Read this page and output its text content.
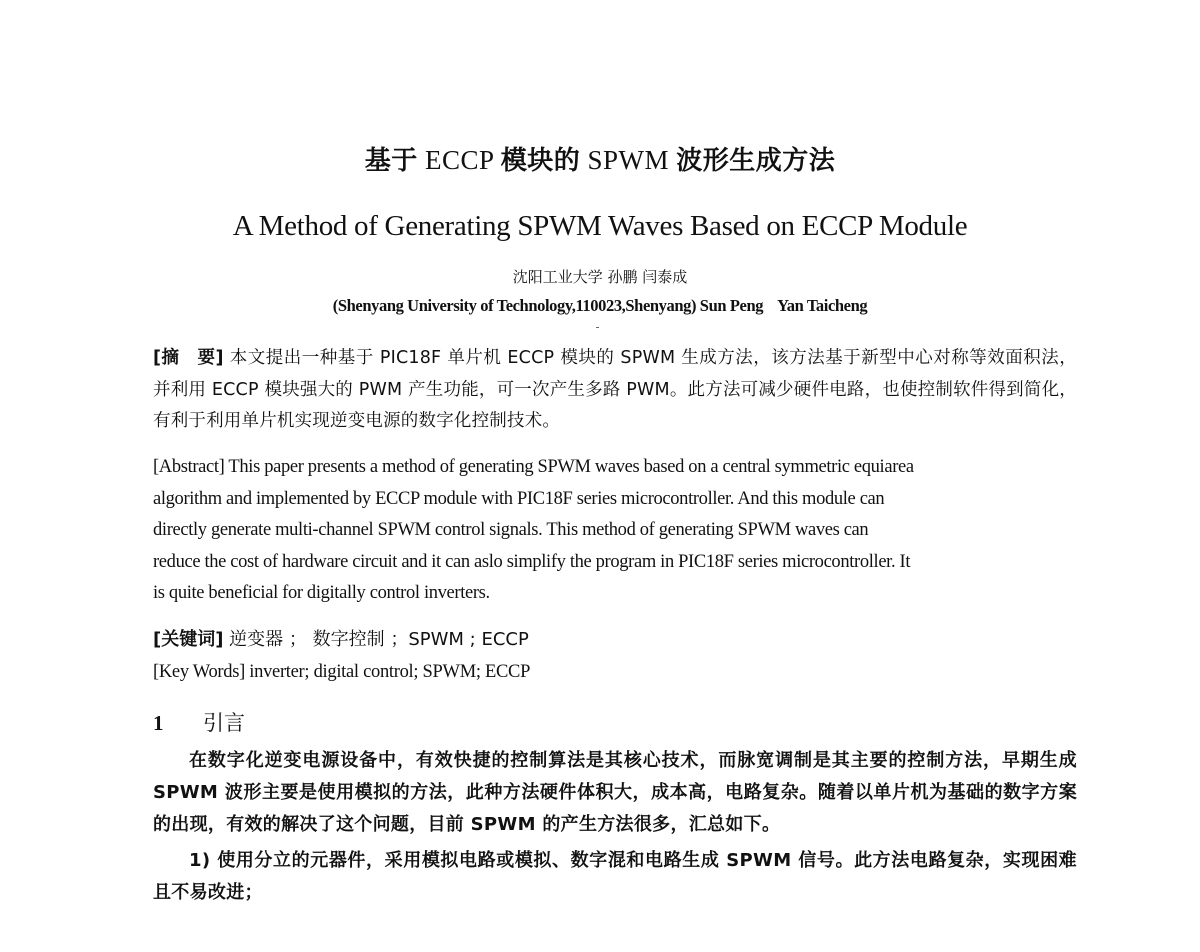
基于 ECCP 模块的 SPWM 波形生成方法
A Method of Generating SPWM Waves Based on ECCP Module
沈阳工业大学 孙鹏 闫泰成
(Shenyang University of Technology,110023,Shenyang) Sun Peng Yan Taicheng
[摘　要] 本文提出一种基于 PIC18F 单片机 ECCP 模块的 SPWM 生成方法，该方法基于新型中心对称等效面积法，并利用 ECCP 模块强大的 PWM 产生功能，可一次产生多路 PWM。此方法可减少硬件电路，也使控制软件得到简化，有利于利用单片机实现逆变电源的数字化控制技术。
[Abstract] This paper presents a method of generating SPWM waves based on a central symmetric equiarea
algorithm and implemented by ECCP module with PIC18F series microcontroller. And this module can
directly generate multi-channel SPWM control signals. This method of generating SPWM waves can
reduce the cost of hardware circuit and it can aslo simplify the program in PIC18F series microcontroller. It
is quite beneficial for digitally control inverters.
[关键词] 逆变器 ； 数字控制 ；SPWM ; ECCP
[Key Words] inverter; digital control; SPWM; ECCP
1 引言

在数字化逆变电源设备中，有效快捷的控制算法是其核心技术，而脉宽调制是其主要的控制方法，早期生成 SPWM 波形主要是使用模拟的方法，此种方法硬件体积大，成本高，电路复杂。随着以单片机为基础的数字方案的出现，有效的解决了这个问题，目前 SPWM 的产生方法很多，汇总如下。

1) 使用分立的元器件，采用模拟电路或模拟、数字混和电路生成 SPWM 信号。此方法电路复杂，实现困难且不易改进；
